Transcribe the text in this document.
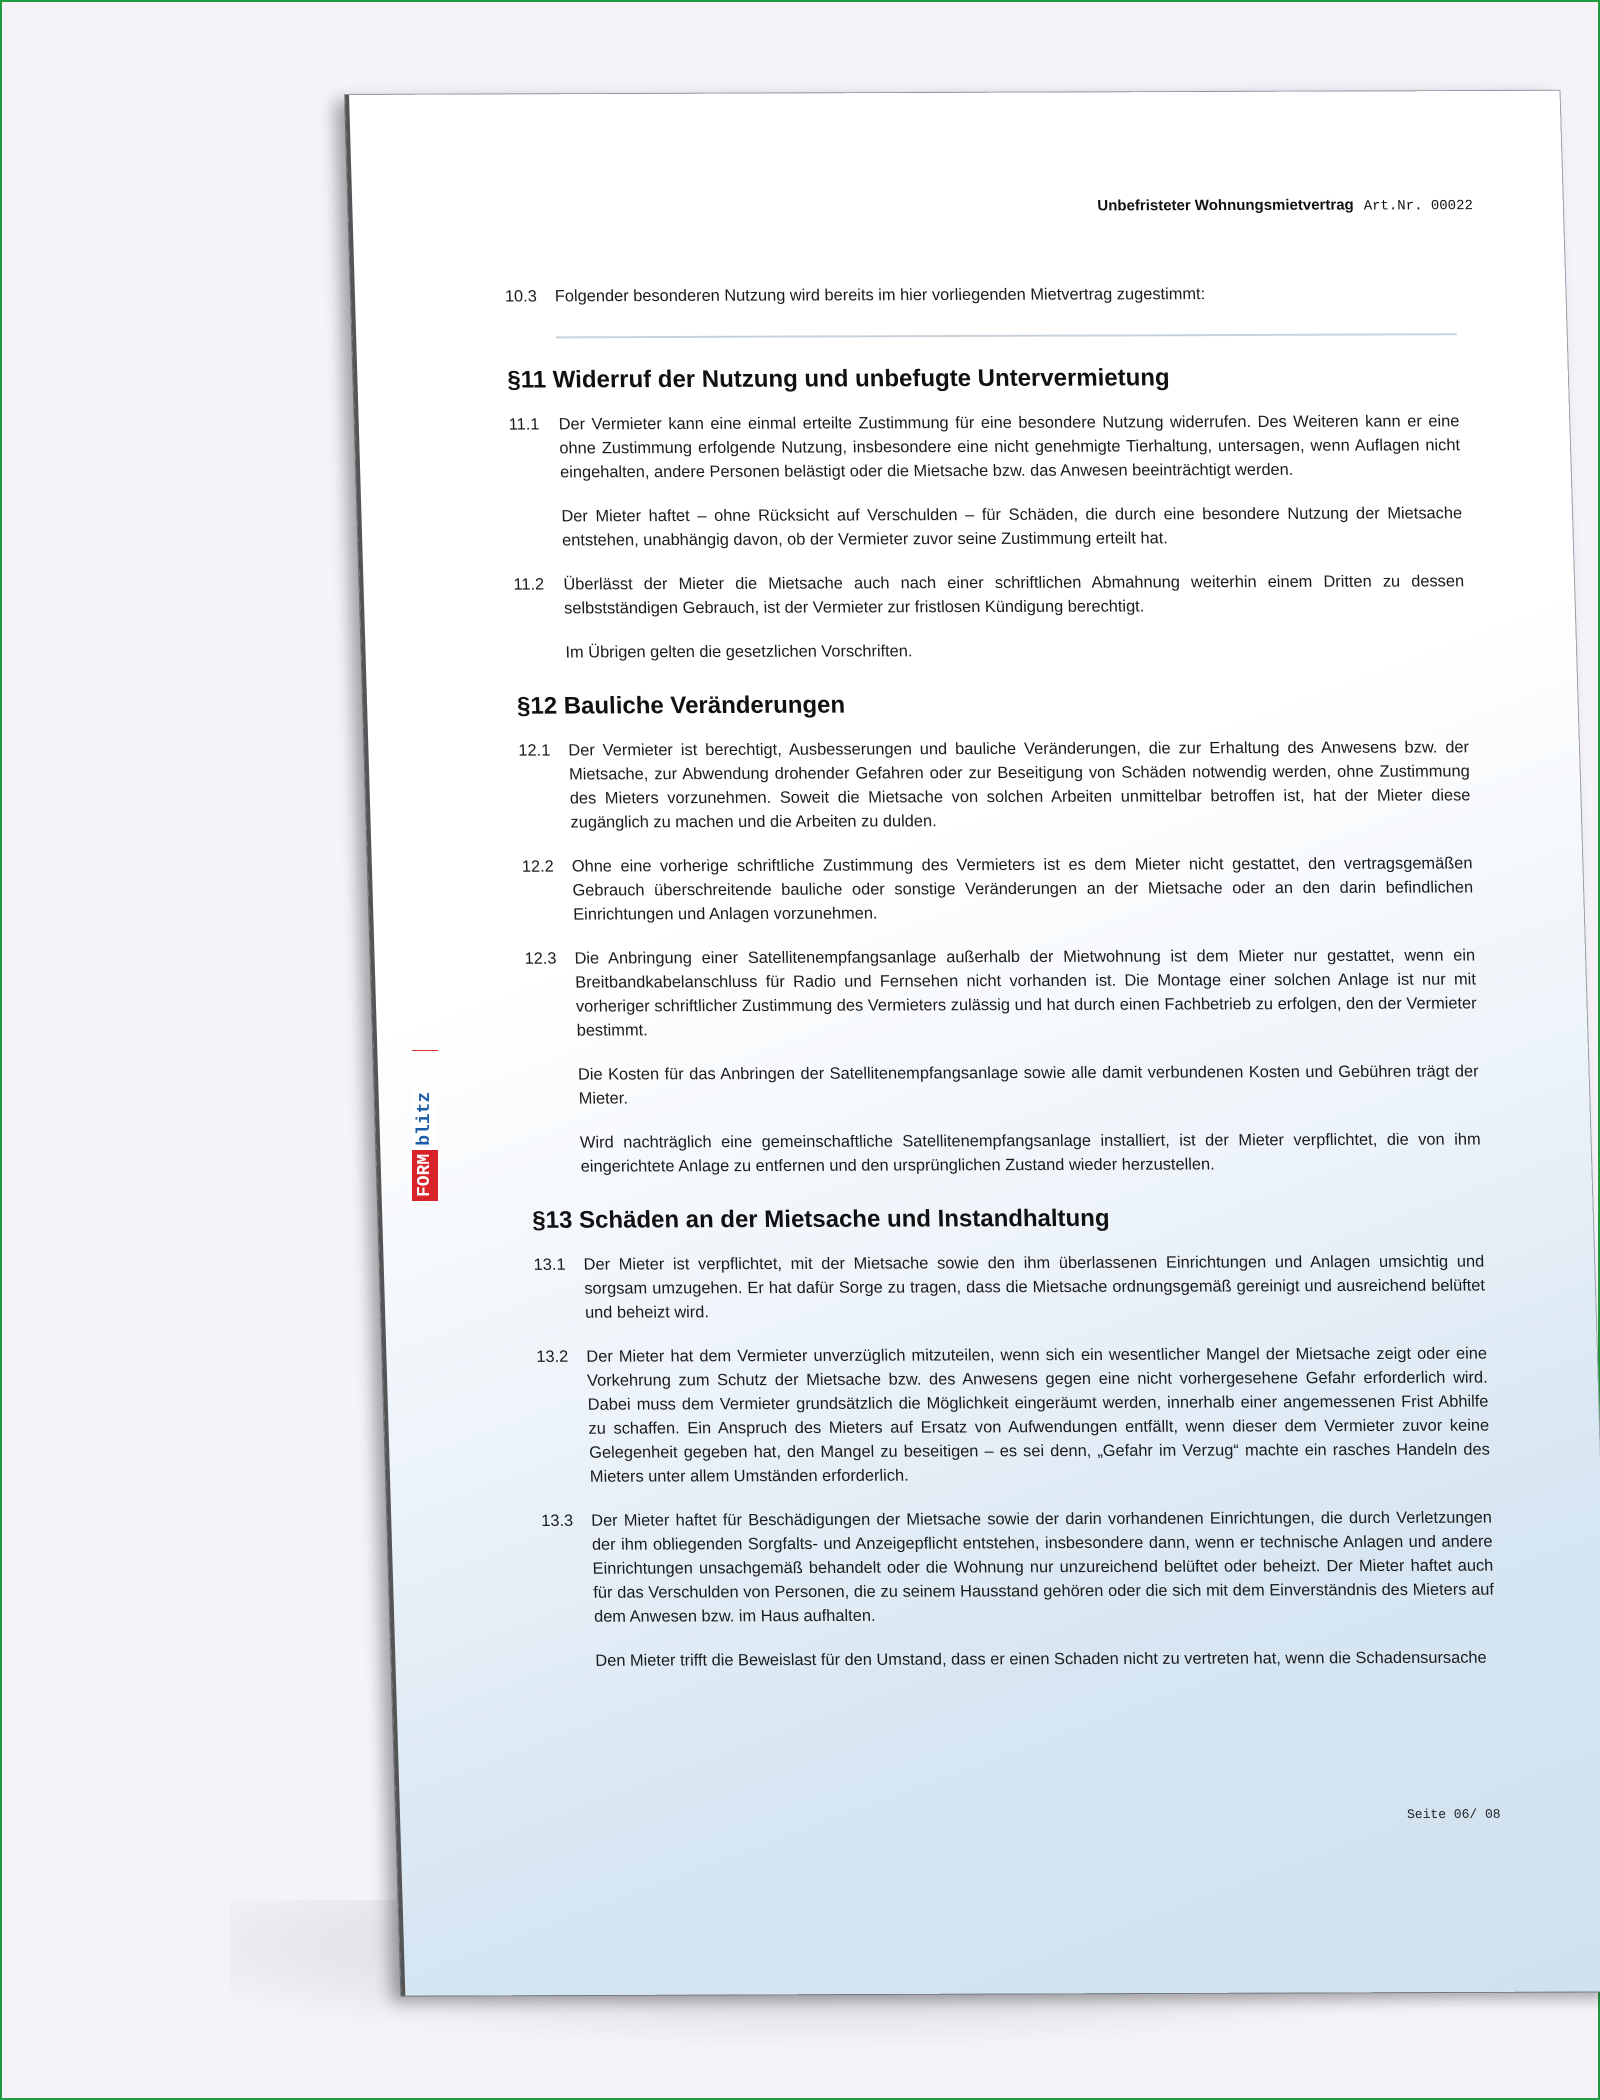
Unbefristeter Wohnungsmietvertrag Art.Nr. 00022
10.3	Folgender besonderen Nutzung wird bereits im hier vorliegenden Mietvertrag zugestimmt:

§11 Widerruf der Nutzung und unbefugte Untervermietung
11.1	Der Vermieter kann eine einmal erteilte Zustimmung für eine besondere Nutzung widerrufen. Des Weiteren kann er eine ohne Zustimmung erfolgende Nutzung, insbesondere eine nicht genehmigte Tierhaltung, untersagen, wenn Auflagen nicht eingehalten, andere Personen belästigt oder die Mietsache bzw. das Anwesen beeinträchtigt werden.

Der Mieter haftet – ohne Rücksicht auf Verschulden – für Schäden, die durch eine besondere Nutzung der Mietsache entstehen, unabhängig davon, ob der Vermieter zuvor seine Zustimmung erteilt hat.

11.2	Überlässt der Mieter die Mietsache auch nach einer schriftlichen Abmahnung weiterhin einem Dritten zu dessen selbstständigen Gebrauch, ist der Vermieter zur fristlosen Kündigung berechtigt.

Im Übrigen gelten die gesetzlichen Vorschriften.

§12 Bauliche Veränderungen
12.1	Der Vermieter ist berechtigt, Ausbesserungen und bauliche Veränderungen, die zur Erhaltung des Anwesens bzw. der Mietsache, zur Abwendung drohender Gefahren oder zur Beseitigung von Schäden notwendig werden, ohne Zustimmung des Mieters vorzunehmen. Soweit die Mietsache von solchen Arbeiten unmittelbar betroffen ist, hat der Mieter diese zugänglich zu machen und die Arbeiten zu dulden.

12.2	Ohne eine vorherige schriftliche Zustimmung des Vermieters ist es dem Mieter nicht gestattet, den vertragsgemäßen Gebrauch überschreitende bauliche oder sonstige Veränderungen an der Mietsache oder an den darin befindlichen Einrichtungen und Anlagen vorzunehmen.

12.3	Die Anbringung einer Satellitenempfangsanlage außerhalb der Mietwohnung ist dem Mieter nur gestattet, wenn ein Breitbandkabelanschluss für Radio und Fernsehen nicht vorhanden ist. Die Montage einer solchen Anlage ist nur mit vorheriger schriftlicher Zustimmung des Vermieters zulässig und hat durch einen Fachbetrieb zu erfolgen, den der Vermieter bestimmt.

Die Kosten für das Anbringen der Satellitenempfangsanlage sowie alle damit verbundenen Kosten und Gebühren trägt der Mieter.

Wird nachträglich eine gemeinschaftliche Satellitenempfangsanlage installiert, ist der Mieter verpflichtet, die von ihm eingerichtete Anlage zu entfernen und den ursprünglichen Zustand wieder herzustellen.

§13 Schäden an der Mietsache und Instandhaltung
13.1	Der Mieter ist verpflichtet, mit der Mietsache sowie den ihm überlassenen Einrichtungen und Anlagen umsichtig und sorgsam umzugehen. Er hat dafür Sorge zu tragen, dass die Mietsache ordnungsgemäß gereinigt und ausreichend belüftet und beheizt wird.

13.2	Der Mieter hat dem Vermieter unverzüglich mitzuteilen, wenn sich ein wesentlicher Mangel der Mietsache zeigt oder eine Vorkehrung zum Schutz der Mietsache bzw. des Anwesens gegen eine nicht vorhergesehene Gefahr erforderlich wird. Dabei muss dem Vermieter grundsätzlich die Möglichkeit eingeräumt werden, innerhalb einer angemessenen Frist Abhilfe zu schaffen. Ein Anspruch des Mieters auf Ersatz von Aufwendungen entfällt, wenn dieser dem Vermieter zuvor keine Gelegenheit gegeben hat, den Mangel zu beseitigen – es sei denn, „Gefahr im Verzug“ machte ein rasches Handeln des Mieters unter allem Umständen erforderlich.

13.3	Der Mieter haftet für Beschädigungen der Mietsache sowie der darin vorhandenen Einrichtungen, die durch Verletzungen der ihm obliegenden Sorgfalts- und Anzeigepflicht entstehen, insbesondere dann, wenn er technische Anlagen und andere Einrichtungen unsachgemäß behandelt oder die Wohnung nur unzureichend belüftet oder beheizt. Der Mieter haftet auch für das Verschulden von Personen, die zu seinem Hausstand gehören oder die sich mit dem Einverständnis des Mieters auf dem Anwesen bzw. im Haus aufhalten.

Den Mieter trifft die Beweislast für den Umstand, dass er einen Schaden nicht zu vertreten hat, wenn die Schadensursache

Seite 06/ 08
FORM
blitz
